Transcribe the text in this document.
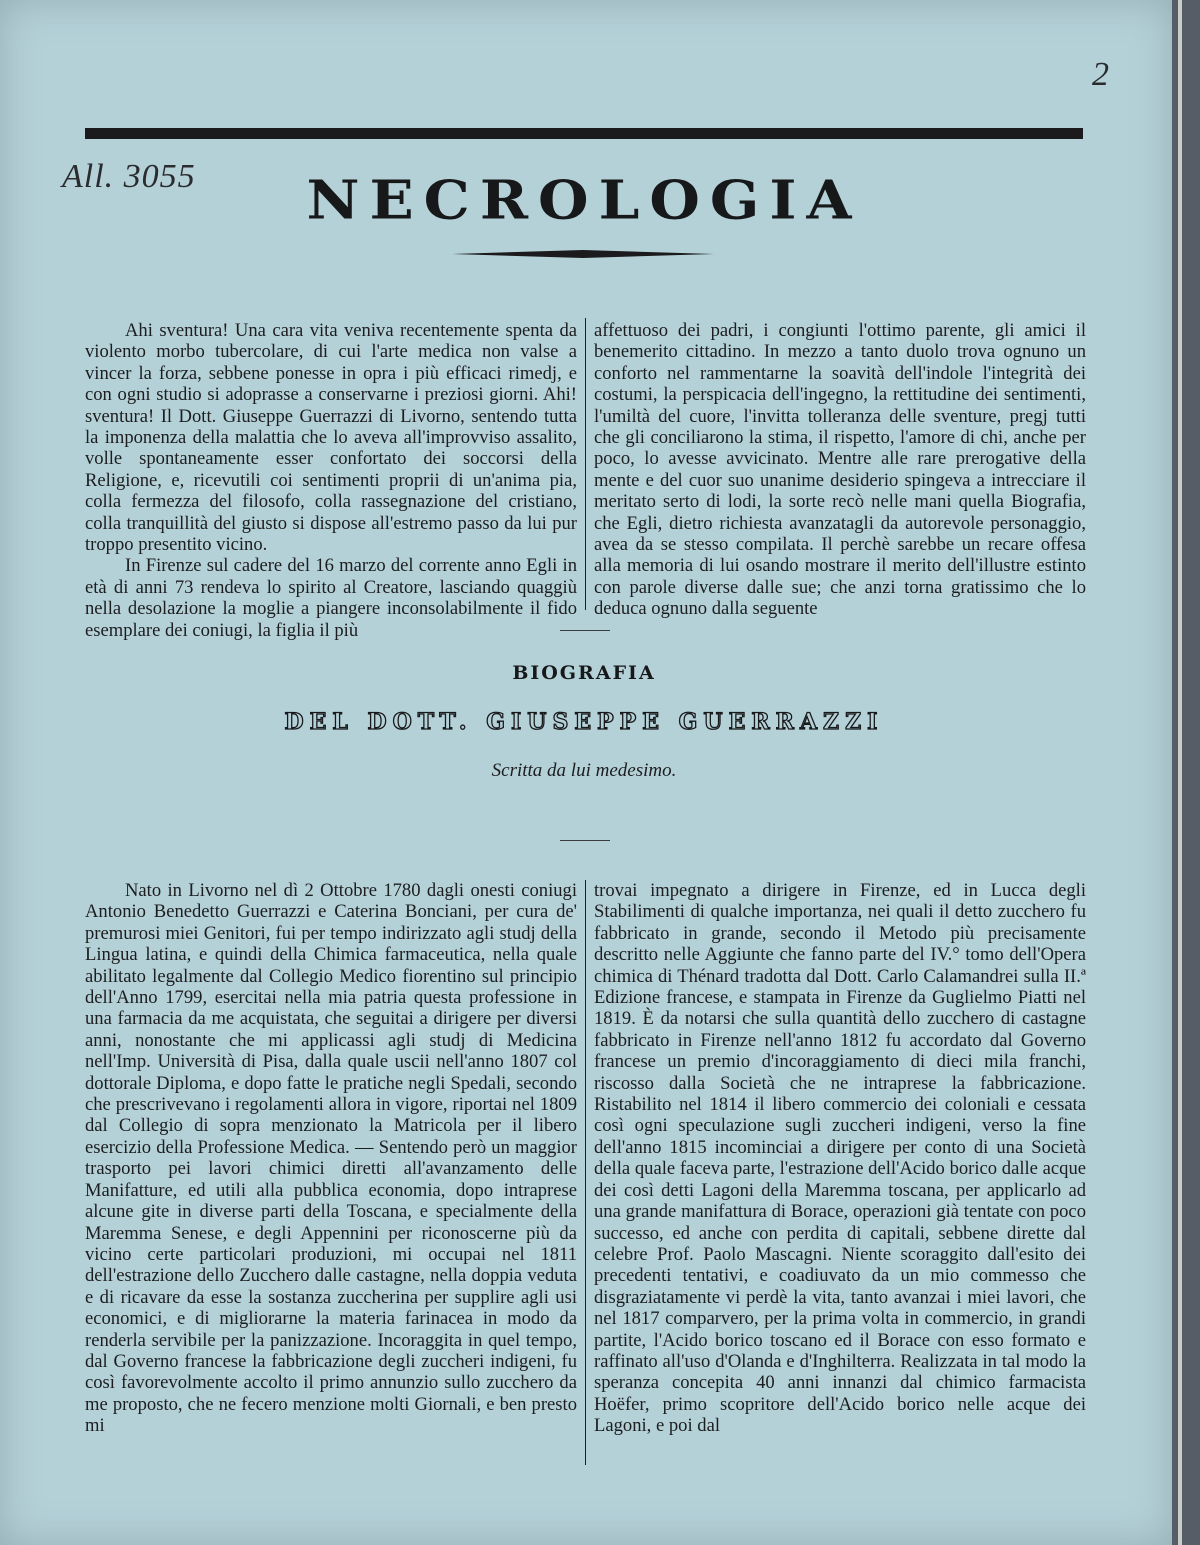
All. 3055
2
NECROLOGIA

Ahi sventura! Una cara vita veniva recentemente spenta da violento morbo tubercolare, di cui l'arte medica non valse a vincer la forza, sebbene ponesse in opra i più efficaci rimedj, e con ogni studio si adoprasse a conservarne i preziosi giorni. Ahi! sventura! Il Dott. Giuseppe Guerrazzi di Livorno, sentendo tutta la imponenza della malattia che lo aveva all'improvviso assalito, volle spontaneamente esser confortato dei soccorsi della Religione, e, ricevutili coi sentimenti proprii di un'anima pia, colla fermezza del filosofo, colla rassegnazione del cristiano, colla tranquillità del giusto si dispose all'estremo passo da lui pur troppo presentito vicino.

In Firenze sul cadere del 16 marzo del corrente anno Egli in età di anni 73 rendeva lo spirito al Creatore, lasciando quaggiù nella desolazione la moglie a piangere inconsolabilmente il fido esemplare dei coniugi, la figlia il più

affettuoso dei padri, i congiunti l'ottimo parente, gli amici il benemerito cittadino. In mezzo a tanto duolo trova ognuno un conforto nel rammentarne la soavità dell'indole l'integrità dei costumi, la perspicacia dell'ingegno, la rettitudine dei sentimenti, l'umiltà del cuore, l'invitta tolleranza delle sventure, pregj tutti che gli conciliarono la stima, il rispetto, l'amore di chi, anche per poco, lo avesse avvicinato. Mentre alle rare prerogative della mente e del cuor suo unanime desiderio spingeva a intrecciare il meritato serto di lodi, la sorte recò nelle mani quella Biografia, che Egli, dietro richiesta avanzatagli da autorevole personaggio, avea da se stesso compilata. Il perchè sarebbe un recare offesa alla memoria di lui osando mostrare il merito dell'illustre estinto con parole diverse dalle sue; che anzi torna gratissimo che lo deduca ognuno dalla seguente

BIOGRAFIA
DEL DOTT. GIUSEPPE GUERRAZZI
Scritta da lui medesimo.

Nato in Livorno nel dì 2 Ottobre 1780 dagli onesti coniugi Antonio Benedetto Guerrazzi e Caterina Bonciani, per cura de' premurosi miei Genitori, fui per tempo indirizzato agli studj della Lingua latina, e quindi della Chimica farmaceutica, nella quale abilitato legalmente dal Collegio Medico fiorentino sul principio dell'Anno 1799, esercitai nella mia patria questa professione in una farmacia da me acquistata, che seguitai a dirigere per diversi anni, nonostante che mi applicassi agli studj di Medicina nell'Imp. Università di Pisa, dalla quale uscii nell'anno 1807 col dottorale Diploma, e dopo fatte le pratiche negli Spedali, secondo che prescrivevano i regolamenti allora in vigore, riportai nel 1809 dal Collegio di sopra menzionato la Matricola per il libero esercizio della Professione Medica. — Sentendo però un maggior trasporto pei lavori chimici diretti all'avanzamento delle Manifatture, ed utili alla pubblica economia, dopo intraprese alcune gite in diverse parti della Toscana, e specialmente della Maremma Senese, e degli Appennini per riconoscerne più da vicino certe particolari produzioni, mi occupai nel 1811 dell'estrazione dello Zucchero dalle castagne, nella doppia veduta e di ricavare da esse la sostanza zuccherina per supplire agli usi economici, e di migliorarne la materia farinacea in modo da renderla servibile per la panizzazione. Incoraggita in quel tempo, dal Governo francese la fabbricazione degli zuccheri indigeni, fu così favorevolmente accolto il primo annunzio sullo zucchero da me proposto, che ne fecero menzione molti Giornali, e ben presto mi

trovai impegnato a dirigere in Firenze, ed in Lucca degli Stabilimenti di qualche importanza, nei quali il detto zucchero fu fabbricato in grande, secondo il Metodo più precisamente descritto nelle Aggiunte che fanno parte del IV.° tomo dell'Opera chimica di Thénard tradotta dal Dott. Carlo Calamandrei sulla II.ª Edizione francese, e stampata in Firenze da Guglielmo Piatti nel 1819. È da notarsi che sulla quantità dello zucchero di castagne fabbricato in Firenze nell'anno 1812 fu accordato dal Governo francese un premio d'incoraggiamento di dieci mila franchi, riscosso dalla Società che ne intraprese la fabbricazione. Ristabilito nel 1814 il libero commercio dei coloniali e cessata così ogni speculazione sugli zuccheri indigeni, verso la fine dell'anno 1815 incominciai a dirigere per conto di una Società della quale faceva parte, l'estrazione dell'Acido borico dalle acque dei così detti Lagoni della Maremma toscana, per applicarlo ad una grande manifattura di Borace, operazioni già tentate con poco successo, ed anche con perdita di capitali, sebbene dirette dal celebre Prof. Paolo Mascagni. Niente scoraggito dall'esito dei precedenti tentativi, e coadiuvato da un mio commesso che disgraziatamente vi perdè la vita, tanto avanzai i miei lavori, che nel 1817 comparvero, per la prima volta in commercio, in grandi partite, l'Acido borico toscano ed il Borace con esso formato e raffinato all'uso d'Olanda e d'Inghilterra. Realizzata in tal modo la speranza concepita 40 anni innanzi dal chimico farmacista Hoëfer, primo scopritore dell'Acido borico nelle acque dei Lagoni, e poi dal
